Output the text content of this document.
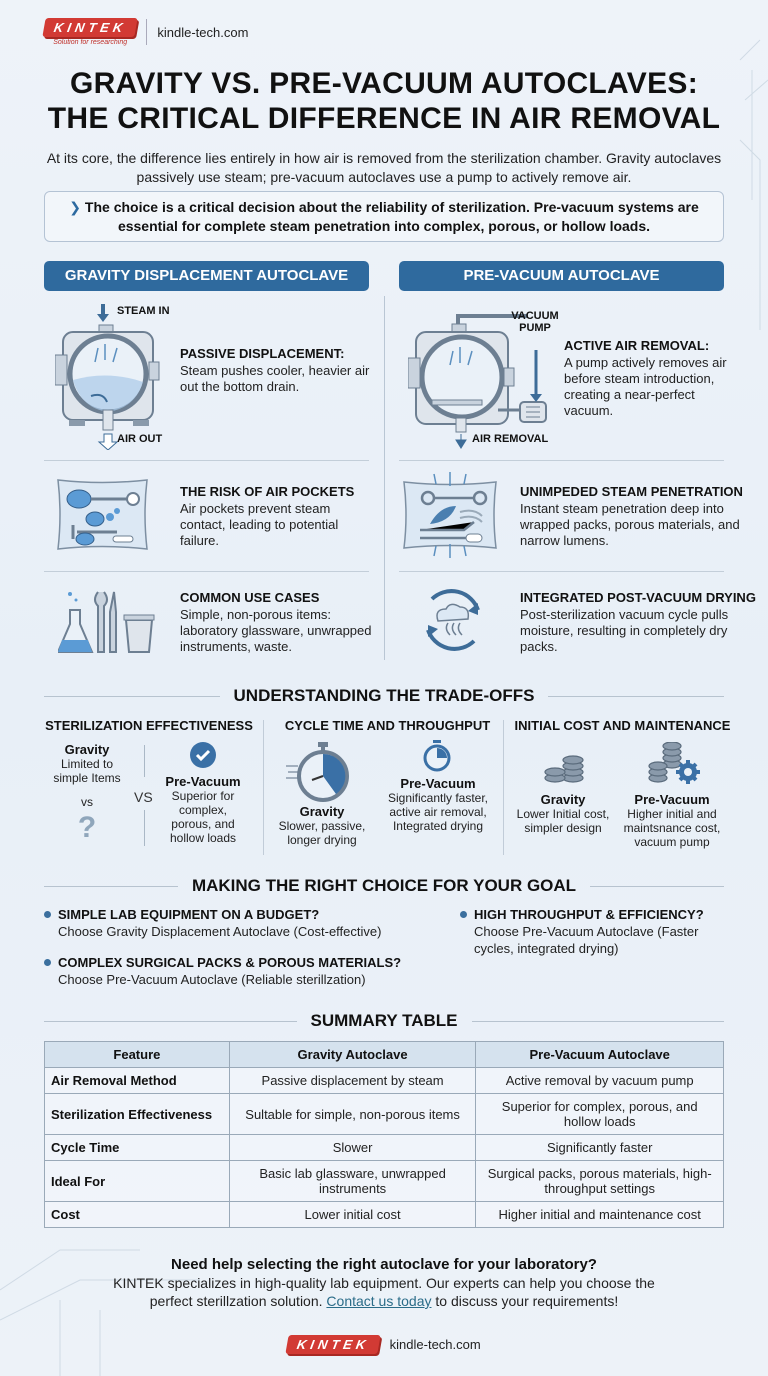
KINTEK
Solution for researching
kindle-tech.com
GRAVITY VS. PRE-VACUUM AUTOCLAVES:
THE CRITICAL DIFFERENCE IN AIR REMOVAL
At its core, the difference lies entirely in how air is removed from the sterilization chamber. Gravity autoclaves passively use steam; pre-vacuum autoclaves use a pump to actively remove air.
❯ The choice is a critical decision about the reliability of sterilization. Pre-vacuum systems are essential for complete steam penetration into complex, porous, or hollow loads.
GRAVITY DISPLACEMENT AUTOCLAVE	PRE-VACUUM AUTOCLAVE
STEAM IN
AIR OUT
PASSIVE DISPLACEMENT:
Steam pushes cooler, heavier air out the bottom drain.
THE RISK OF AIR POCKETS
Air pockets prevent steam contact, leading to potential failure.
COMMON USE CASES
Simple, non-porous items: laboratory glassware, unwrapped instruments, waste.
VACUUM PUMP
AIR REMOVAL
ACTIVE AIR REMOVAL:
A pump actively removes air before steam introduction, creating a near-perfect vacuum.
UNIMPEDED STEAM PENETRATION
Instant steam penetration deep into wrapped packs, porous materials, and narrow lumens.
INTEGRATED POST-VACUUM DRYING
Post-sterilization vacuum cycle pulls moisture, resulting in completely dry packs.
UNDERSTANDING THE TRADE-OFFS
STERILIZATION EFFECTIVENESS
Gravity
Limited to simple Items
vs
?
VS
Pre-Vacuum
Superior for complex, porous, and hollow loads
CYCLE TIME AND THROUGHPUT
Gravity
Slower, passive, longer drying
Pre-Vacuum
Significantly faster, active air removal, Integrated drying
INITIAL COST AND MAINTENANCE
Gravity
Lower Initial cost, simpler design
Pre-Vacuum
Higher initial and maintsnance cost, vacuum pump
MAKING THE RIGHT CHOICE FOR YOUR GOAL
SIMPLE LAB EQUIPMENT ON A BUDGET?
Choose Gravity Displacement Autoclave (Cost-effective)
COMPLEX SURGICAL PACKS & POROUS MATERIALS?
Choose Pre-Vacuum Autoclave (Reliable sterillzation)
HIGH THROUGHPUT & EFFICIENCY?
Choose Pre-Vacuum Autoclave (Faster cycles, integrated drying)
SUMMARY TABLE
Feature	Gravity Autoclave	Pre-Vacuum Autoclave
Air Removal Method	Passive displacement by steam	Active removal by vacuum pump
Sterilization Effectiveness	Sultable for simple, non-porous items	Superior for complex, porous, and hollow loads
Cycle Time	Slower	Significantly faster
Ideal For	Basic lab glassware, unwrapped instruments	Surgical packs, porous materials, high-throughput settings
Cost	Lower initial cost	Higher initial and maintenance cost
Need help selecting the right autoclave for your laboratory?
KINTEK specializes in high-quality lab equipment. Our experts can help you choose the
perfect sterillzation solution. Contact us today to discuss your requirements!
KINTEK	kindle-tech.com
